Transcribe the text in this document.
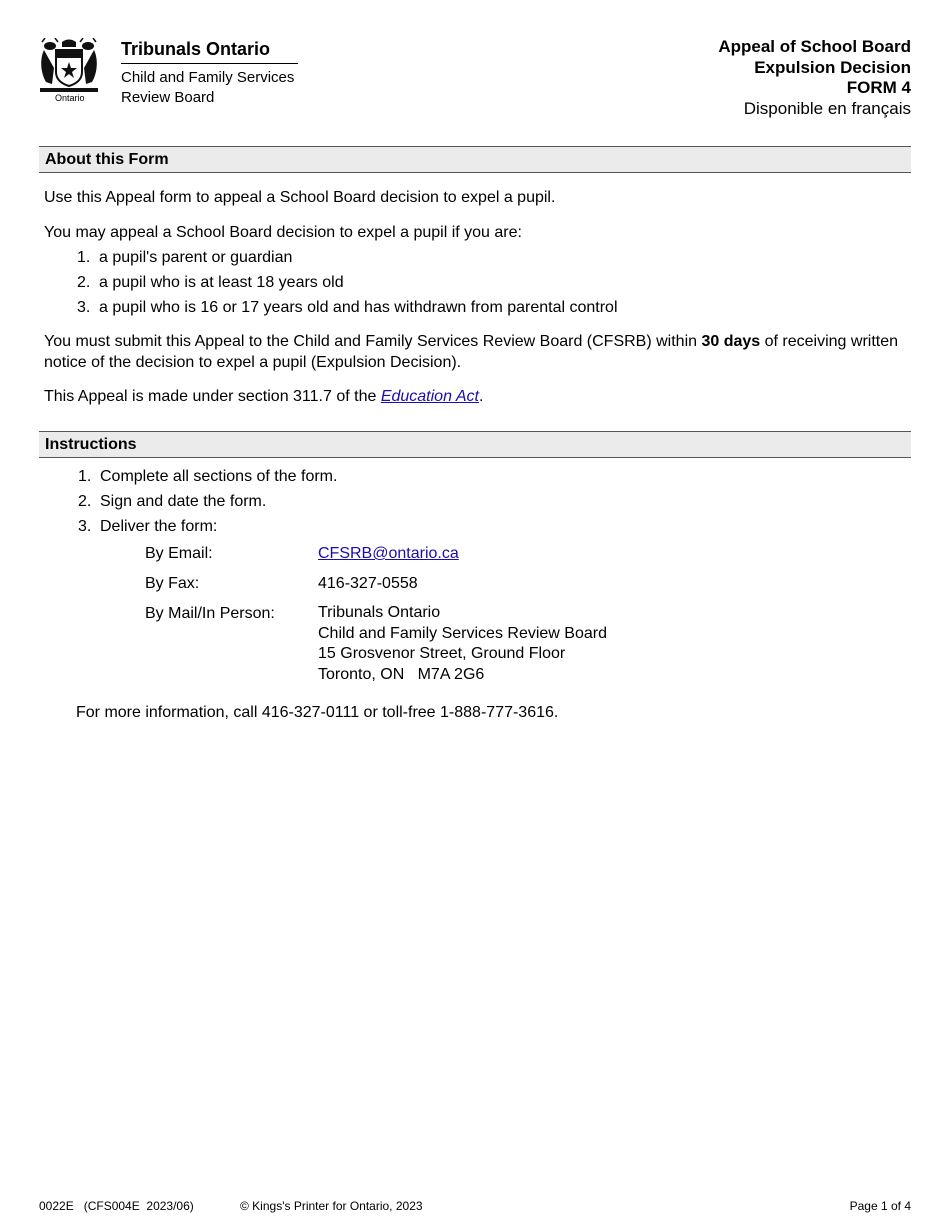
Ontario
Tribunals Ontario
Child and Family Services
Review Board
Appeal of School Board
Expulsion Decision
FORM 4
Disponible en français
About this Form
Use this Appeal form to appeal a School Board decision to expel a pupil.
You may appeal a School Board decision to expel a pupil if you are:
1. a pupil's parent or guardian
2. a pupil who is at least 18 years old
3. a pupil who is 16 or 17 years old and has withdrawn from parental control
You must submit this Appeal to the Child and Family Services Review Board (CFSRB) within 30 days of receiving written notice of the decision to expel a pupil (Expulsion Decision).
This Appeal is made under section 311.7 of the Education Act.
Instructions
1. Complete all sections of the form.
2. Sign and date the form.
3. Deliver the form:
By Email:	CFSRB@ontario.ca
By Fax:	416-327-0558
By Mail/In Person:	Tribunals Ontario
Child and Family Services Review Board
15 Grosvenor Street, Ground Floor
Toronto, ON   M7A 2G6
For more information, call 416-327-0111 or toll-free 1-888-777-3616.
0022E   (CFS004E  2023/06)	© Kings's Printer for Ontario, 2023	Page 1 of 4
